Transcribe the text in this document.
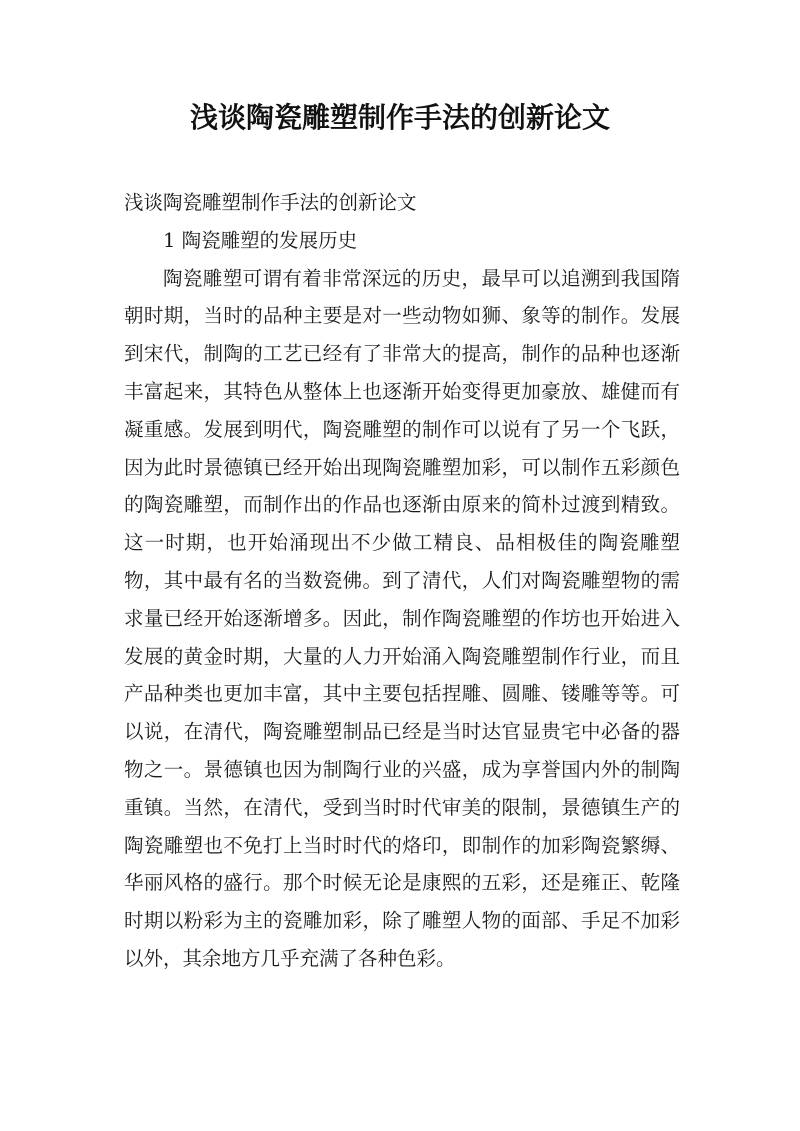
浅谈陶瓷雕塑制作手法的创新论文

浅谈陶瓷雕塑制作手法的创新论文

1 陶瓷雕塑的发展历史

陶瓷雕塑可谓有着非常深远的历史，最早可以追溯到我国隋朝时期，当时的品种主要是对一些动物如狮、象等的制作。发展到宋代，制陶的工艺已经有了非常大的提高，制作的品种也逐渐丰富起来，其特色从整体上也逐渐开始变得更加豪放、雄健而有凝重感。发展到明代，陶瓷雕塑的制作可以说有了另一个飞跃，因为此时景德镇已经开始出现陶瓷雕塑加彩，可以制作五彩颜色的陶瓷雕塑，而制作出的作品也逐渐由原来的简朴过渡到精致。这一时期，也开始涌现出不少做工精良、品相极佳的陶瓷雕塑物，其中最有名的当数瓷佛。到了清代，人们对陶瓷雕塑物的需求量已经开始逐渐增多。因此，制作陶瓷雕塑的作坊也开始进入发展的黄金时期，大量的人力开始涌入陶瓷雕塑制作行业，而且产品种类也更加丰富，其中主要包括捏雕、圆雕、镂雕等等。可以说，在清代，陶瓷雕塑制品已经是当时达官显贵宅中必备的器物之一。景德镇也因为制陶行业的兴盛，成为享誉国内外的制陶重镇。当然，在清代，受到当时时代审美的限制，景德镇生产的陶瓷雕塑也不免打上当时时代的烙印，即制作的加彩陶瓷繁缛、华丽风格的盛行。那个时候无论是康熙的五彩，还是雍正、乾隆时期以粉彩为主的瓷雕加彩，除了雕塑人物的面部、手足不加彩以外，其余地方几乎充满了各种色彩。
